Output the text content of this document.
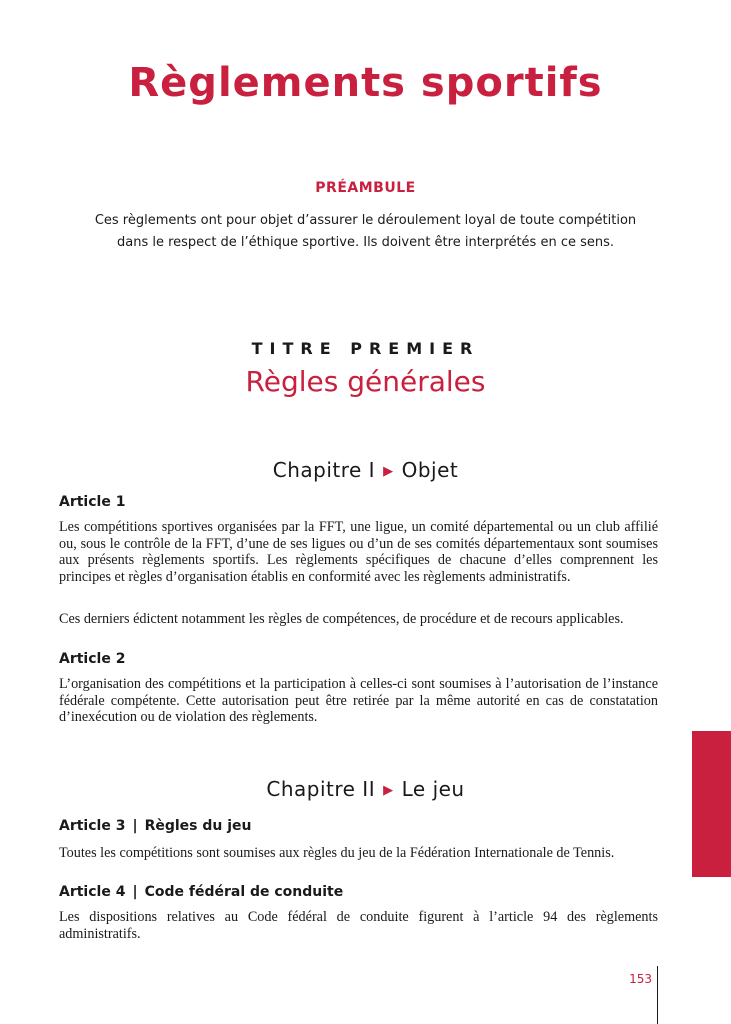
Règlements sportifs
PRÉAMBULE
Ces règlements ont pour objet d’assurer le déroulement loyal de toute compétition
dans le respect de l’éthique sportive. Ils doivent être interprétés en ce sens.
TITRE PREMIER
Règles générales
Chapitre I ▶ Objet
Article 1
Les compétitions sportives organisées par la FFT, une ligue, un comité départemental ou un club affilié ou, sous le contrôle de la FFT, d’une de ses ligues ou d’un de ses comités départementaux sont soumises aux présents règlements sportifs. Les règlements spécifiques de chacune d’elles comprennent les principes et règles d’organisation établis en conformité avec les règlements administratifs.
Ces derniers édictent notamment les règles de compétences, de procédure et de recours applicables.
Article 2
L’organisation des compétitions et la participation à celles-ci sont soumises à l’autorisation de l’instance fédérale compétente. Cette autorisation peut être retirée par la même autorité en cas de constatation d’inexécution ou de violation des règlements.
Chapitre II ▶ Le jeu
Article 3 | Règles du jeu
Toutes les compétitions sont soumises aux règles du jeu de la Fédération Internationale de Tennis.
Article 4 | Code fédéral de conduite
Les dispositions relatives au Code fédéral de conduite figurent à l’article 94 des règlements administratifs.
153
